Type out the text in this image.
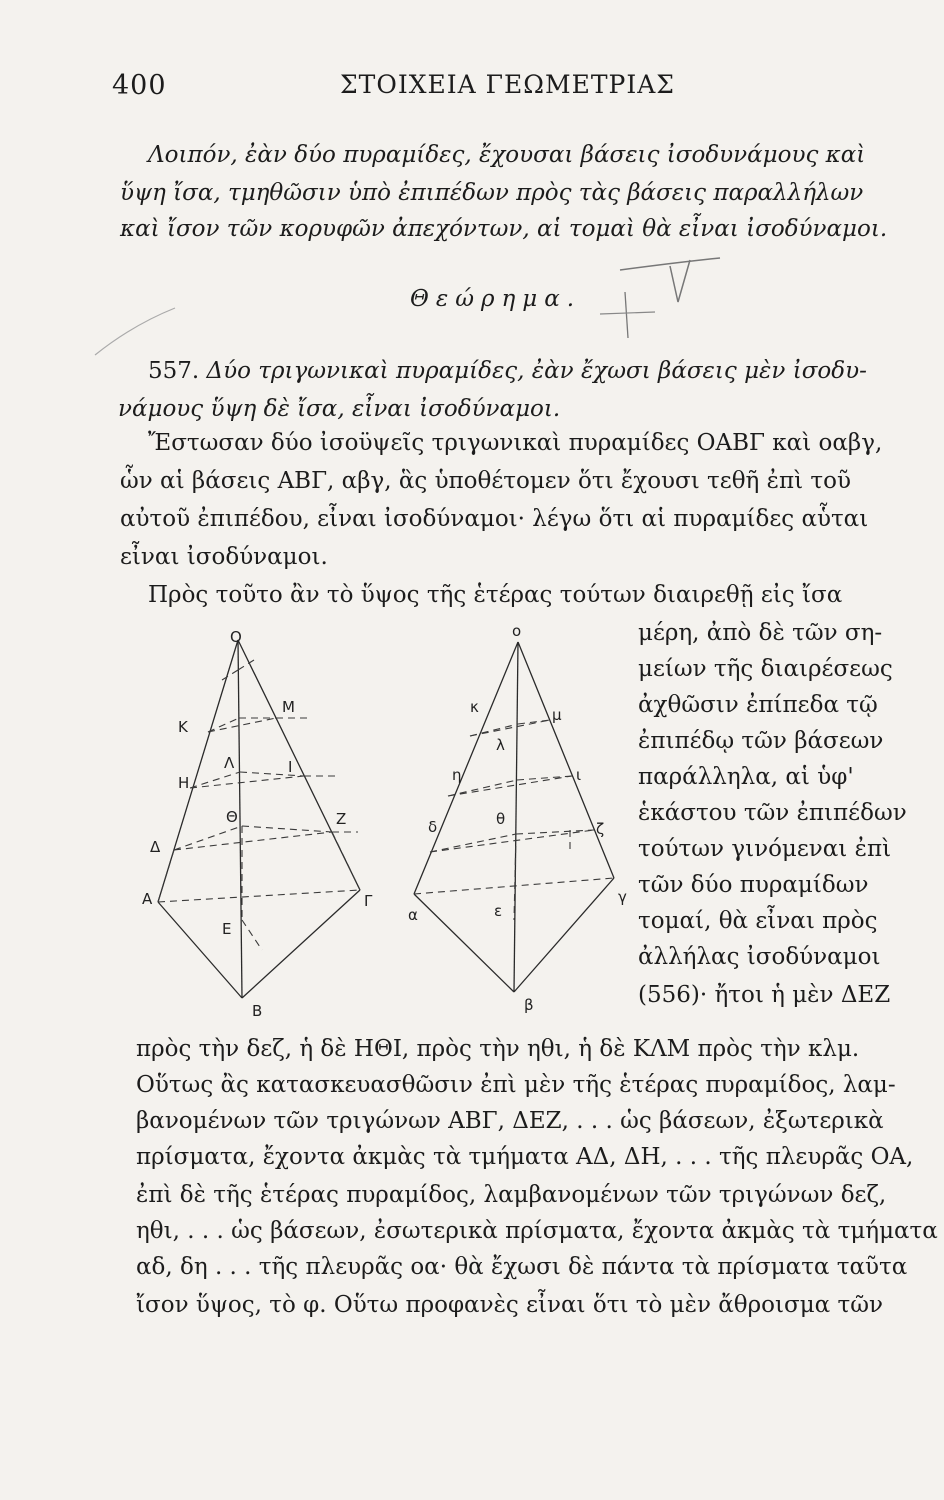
400	ΣΤΟΙΧΕΙΑ ΓΕΩΜΕΤΡΙΑΣ
Λοιπόν, ἐὰν δύο πυραμίδες, ἔχουσαι βάσεις ἰσοδυνάμους καὶ
ὕψη ἴσα, τμηθῶσιν ὑπὸ ἐπιπέδων πρὸς τὰς βάσεις παραλλήλων
καὶ ἴσον τῶν κορυφῶν ἀπεχόντων, αἱ τομαὶ θὰ εἶναι ἰσοδύναμοι.
Θεώρημα.
557. Δύο τριγωνικαὶ πυραμίδες, ἐὰν ἔχωσι βάσεις μὲν ἰσοδυ-
νάμους ὕψη δὲ ἴσα, εἶναι ἰσοδύναμοι.
Ἔστωσαν δύο ἰσοϋψεῖς τριγωνικαὶ πυραμίδες ΟΑΒΓ καὶ οαβγ,
ὧν αἱ βάσεις ΑΒΓ, αβγ, ἃς ὑποθέτομεν ὅτι ἔχουσι τεθῆ ἐπὶ τοῦ
αὐτοῦ ἐπιπέδου, εἶναι ἰσοδύναμοι· λέγω ὅτι αἱ πυραμίδες αὗται
εἶναι ἰσοδύναμοι.
Πρὸς τοῦτο ἂν τὸ ὕψος τῆς ἑτέρας τούτων διαιρεθῇ εἰς ἴσα
Ο
Κ
Μ
Η
Λ	Ι
Δ
Θ	Ζ
Α	Γ
Ε
Β
ο
κ	μ
λ
η	ι
δ	θ
ζ
α
γ
ε
β
μέρη, ἀπὸ δὲ τῶν ση-
μείων τῆς διαιρέσεως
ἀχθῶσιν ἐπίπεδα τῷ
ἐπιπέδῳ τῶν βάσεων
παράλληλα, αἱ ὑφ'
ἑκάστου τῶν ἐπιπέδων
τούτων γινόμεναι ἐπὶ
τῶν δύο πυραμίδων
τομαί, θὰ εἶναι πρὸς
ἀλλήλας ἰσοδύναμοι
(556)· ἤτοι ἡ μὲν ΔΕΖ
πρὸς τὴν δεζ, ἡ δὲ ΗΘΙ, πρὸς τὴν ηθι, ἡ δὲ ΚΛΜ πρὸς τὴν κλμ.
Οὕτως ἂς κατασκευασθῶσιν ἐπὶ μὲν τῆς ἑτέρας πυραμίδος, λαμ-
βανομένων τῶν τριγώνων ΑΒΓ, ΔΕΖ, . . . ὡς βάσεων, ἐξωτερικὰ
πρίσματα, ἔχοντα ἀκμὰς τὰ τμήματα ΑΔ, ΔΗ, . . . τῆς πλευρᾶς ΟΑ,
ἐπὶ δὲ τῆς ἑτέρας πυραμίδος, λαμβανομένων τῶν τριγώνων δεζ,
ηθι, . . . ὡς βάσεων, ἐσωτερικὰ πρίσματα, ἔχοντα ἀκμὰς τὰ τμήματα
αδ, δη . . . τῆς πλευρᾶς οα· θὰ ἔχωσι δὲ πάντα τὰ πρίσματα ταῦτα
ἴσον ὕψος, τὸ φ. Οὕτω προφανὲς εἶναι ὅτι τὸ μὲν ἄθροισμα τῶν
